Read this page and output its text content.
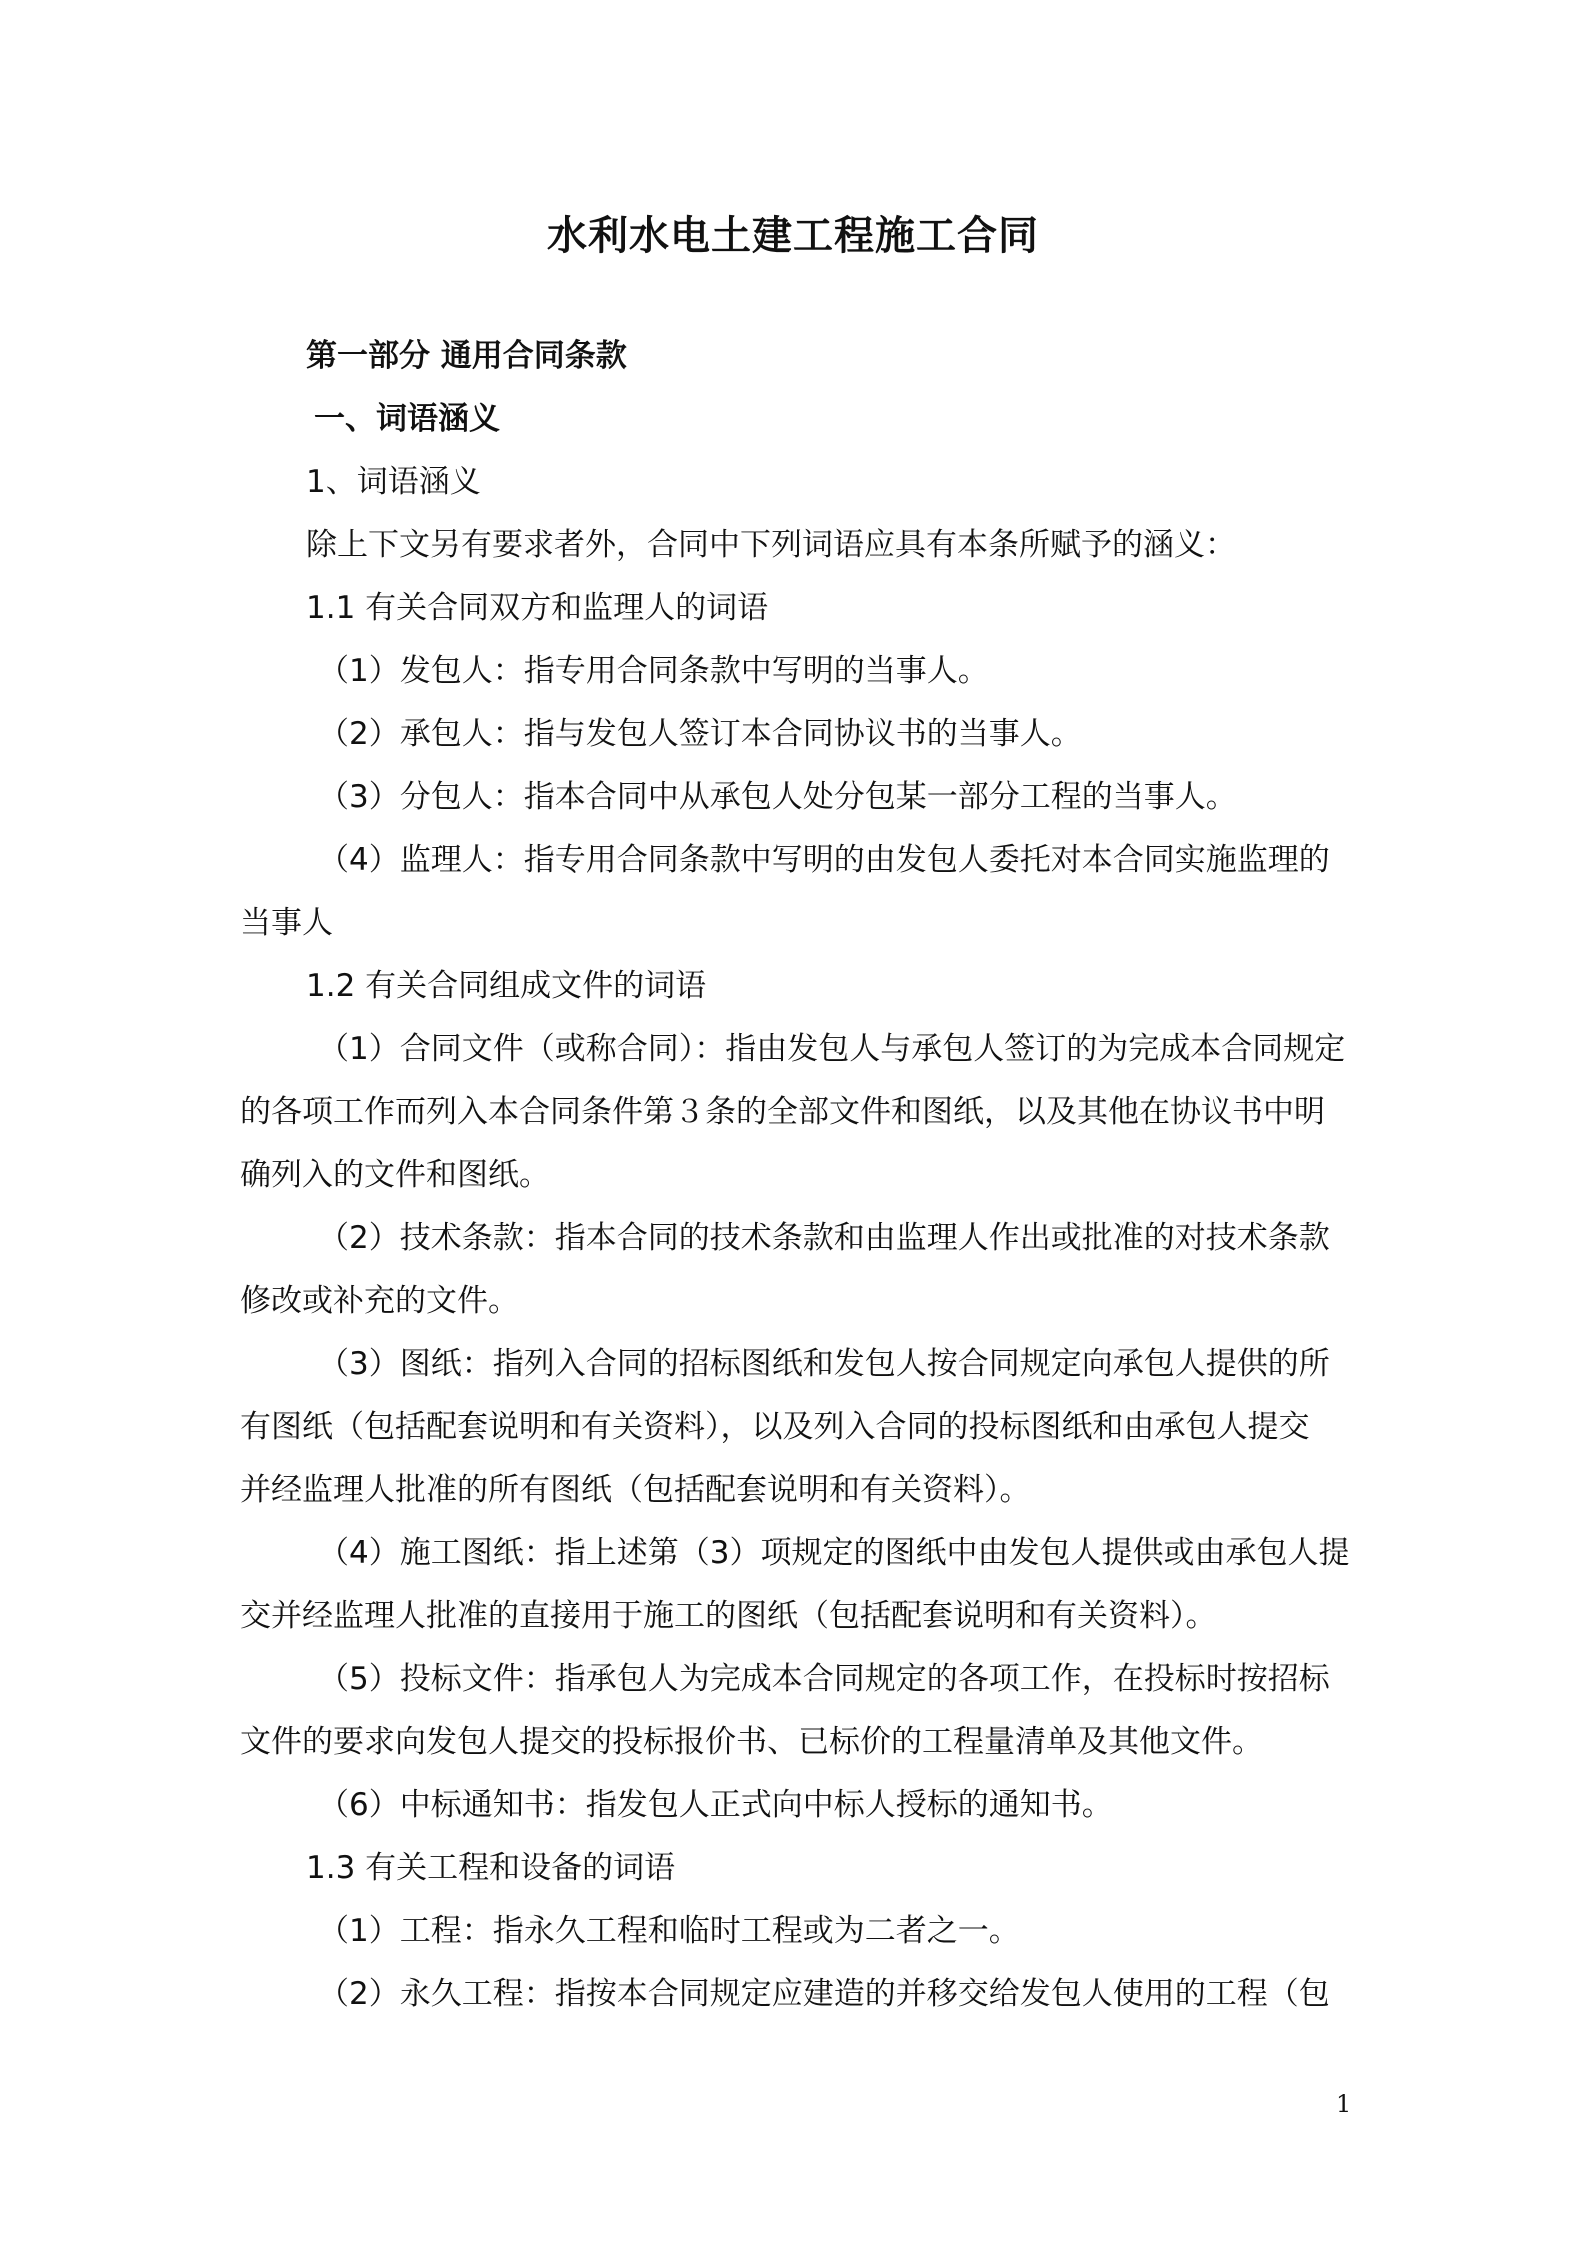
水利水电土建工程施工合同
第一部分 通用合同条款
一、词语涵义
1、词语涵义
除上下文另有要求者外，合同中下列词语应具有本条所赋予的涵义：
1.1 有关合同双方和监理人的词语
（1）发包人：指专用合同条款中写明的当事人。
（2）承包人：指与发包人签订本合同协议书的当事人。
（3）分包人：指本合同中从承包人处分包某一部分工程的当事人。
（4）监理人：指专用合同条款中写明的由发包人委托对本合同实施监理的
当事人
1.2 有关合同组成文件的词语
（1）合同文件（或称合同）：指由发包人与承包人签订的为完成本合同规定
的各项工作而列入本合同条件第３条的全部文件和图纸，以及其他在协议书中明
确列入的文件和图纸。
（2）技术条款：指本合同的技术条款和由监理人作出或批准的对技术条款
修改或补充的文件。
（3）图纸：指列入合同的招标图纸和发包人按合同规定向承包人提供的所
有图纸（包括配套说明和有关资料），以及列入合同的投标图纸和由承包人提交
并经监理人批准的所有图纸（包括配套说明和有关资料）。
（4）施工图纸：指上述第（3）项规定的图纸中由发包人提供或由承包人提
交并经监理人批准的直接用于施工的图纸（包括配套说明和有关资料）。
（5）投标文件：指承包人为完成本合同规定的各项工作，在投标时按招标
文件的要求向发包人提交的投标报价书、已标价的工程量清单及其他文件。
（6）中标通知书：指发包人正式向中标人授标的通知书。
1.3 有关工程和设备的词语
（1）工程：指永久工程和临时工程或为二者之一。
（2）永久工程：指按本合同规定应建造的并移交给发包人使用的工程（包
1
